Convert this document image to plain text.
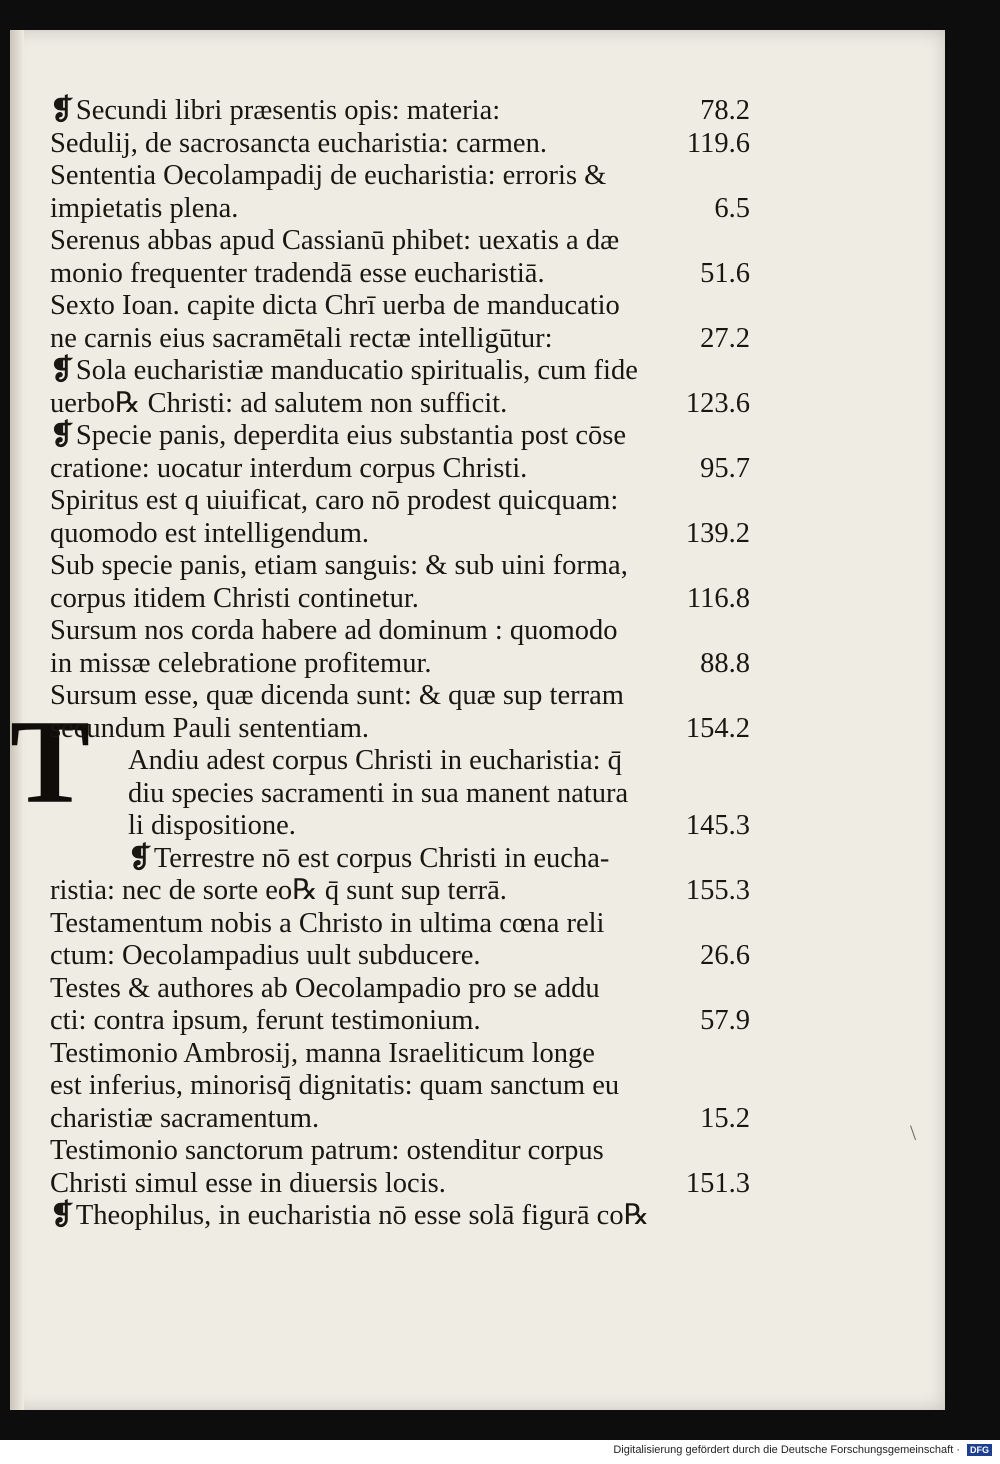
T
❡Secundi libri præsentis opis: materia:	78.2
Sedulij, de sacrosancta eucharistia: carmen.	119.6
Sententia Oecolampadij de eucharistia: erroris &
impietatis plena.	6.5
Serenus abbas apud Cassianū phibet: uexatis a dæ
monio frequenter tradendā esse eucharistiā.	51.6
Sexto Ioan. capite dicta Chrī uerba de manducatio
ne carnis eius sacramētali rectæ intelligūtur:	27.2
❡Sola eucharistiæ manducatio spiritualis, cum fide
uerbo℞ Christi: ad salutem non sufficit.	123.6
❡Specie panis, deperdita eius substantia post cōse
cratione: uocatur interdum corpus Christi.	95.7
Spiritus est q uiuificat, caro nō prodest quicquam:
quomodo est intelligendum.	139.2
Sub specie panis, etiam sanguis: & sub uini forma,
corpus itidem Christi continetur.	116.8
Sursum nos corda habere ad dominum : quomodo
in missæ celebratione profitemur.	88.8
Sursum esse, quæ dicenda sunt: & quæ sup terram
secundum Pauli sententiam.	154.2
Andiu adest corpus Christi in eucharistia: q̄
diu species sacramenti in sua manent natura
li dispositione.	145.3
❡Terrestre nō est corpus Christi in eucha-
ristia: nec de sorte eo℞ q̄ sunt sup terrā.	155.3
Testamentum nobis a Christo in ultima cœna reli
ctum: Oecolampadius uult subducere.	26.6
Testes & authores ab Oecolampadio pro se addu
cti: contra ipsum, ferunt testimonium.	57.9
Testimonio Ambrosij, manna Israeliticum longe
est inferius, minorisq̄ dignitatis: quam sanctum eu
charistiæ sacramentum.	15.2
Testimonio sanctorum patrum: ostenditur corpus
Christi simul esse in diuersis locis.	151.3
❡Theophilus, in eucharistia nō esse solā figurā co℞
\
Digitalisierung gefördert durch die Deutsche Forschungsgemeinschaft ·	DFG
